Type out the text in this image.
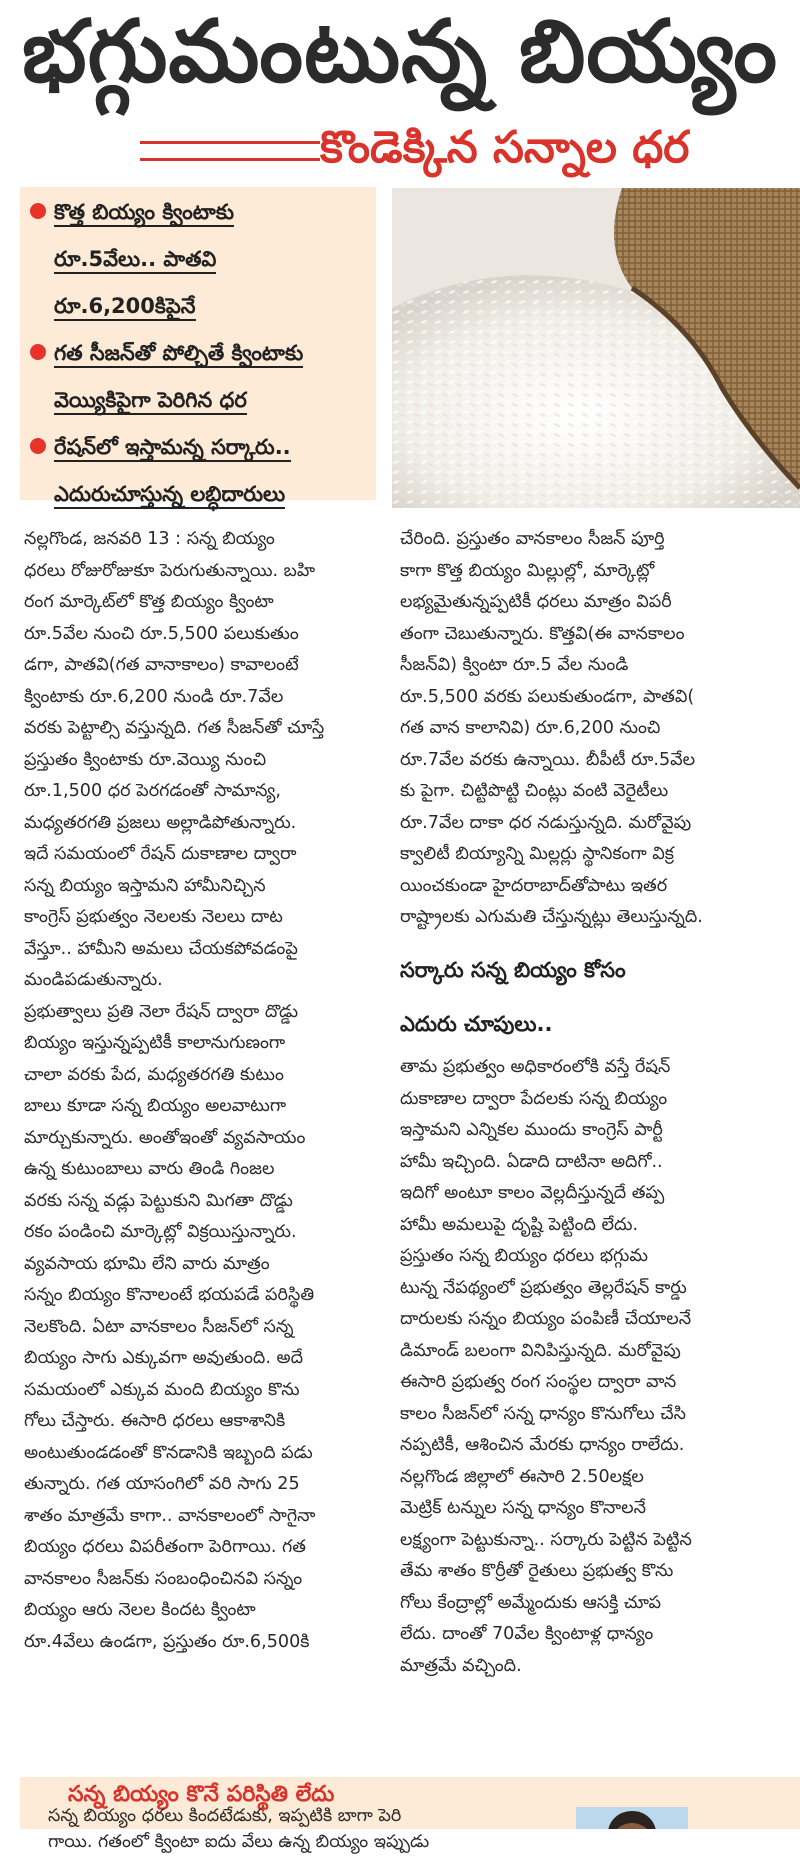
భగ్గుమంటున్న బియ్యం
కొండెక్కిన సన్నాల ధర
కొత్త బియ్యం క్వింటాకు
రూ.5వేలు.. పాతవి
రూ.6,200కిపైనే
గత సీజన్‌తో పోల్చితే క్వింటాకు
వెయ్యికిపైగా పెరిగిన ధర
రేషన్‌లో ఇస్తామన్న సర్కారు..
ఎదురుచూస్తున్న లబ్ధిదారులు
నల్లగొండ, జనవరి 13 : సన్న బియ్యం
ధరలు రోజురోజుకూ పెరుగుతున్నాయి. బహి
రంగ మార్కెట్‌లో కొత్త బియ్యం క్వింటా
రూ.5వేల నుంచి రూ.5,500 పలుకుతుం
డగా, పాతవి(గత వానాకాలం) కావాలంటే
క్వింటాకు రూ.6,200 నుండి రూ.7వేల
వరకు పెట్టాల్సి వస్తున్నది. గత సీజన్‌తో చూస్తే
ప్రస్తుతం క్వింటాకు రూ.వెయ్యి నుంచి
రూ.1,500 ధర పెరగడంతో సామాన్య,
మధ్యతరగతి ప్రజలు అల్లాడిపోతున్నారు.
ఇదే సమయంలో రేషన్ దుకాణాల ద్వారా
సన్న బియ్యం ఇస్తామని హామీనిచ్చిన
కాంగ్రెస్ ప్రభుత్వం నెలలకు నెలలు దాట
వేస్తూ.. హామీని అమలు చేయకపోవడంపై
మండిపడుతున్నారు.
ప్రభుత్వాలు ప్రతి నెలా రేషన్ ద్వారా దొడ్డు
బియ్యం ఇస్తున్నప్పటికీ కాలానుగుణంగా
చాలా వరకు పేద, మధ్యతరగతి కుటుం
బాలు కూడా సన్న బియ్యం అలవాటుగా
మార్చుకున్నారు. అంతోఇంతో వ్యవసాయం
ఉన్న కుటుంబాలు వారు తిండి గింజల
వరకు సన్న వడ్లు పెట్టుకుని మిగతా దొడ్డు
రకం పండించి మార్కెట్లో విక్రయిస్తున్నారు.
వ్యవసాయ భూమి లేని వారు మాత్రం
సన్నం బియ్యం కొనాలంటే భయపడే పరిస్థితి
నెలకొంది. ఏటా వానకాలం సీజన్‌లో సన్న
బియ్యం సాగు ఎక్కువగా అవుతుంది. అదే
సమయంలో ఎక్కువ మంది బియ్యం కొను
గోలు చేస్తారు. ఈసారి ధరలు ఆకాశానికి
అంటుతుండడంతో కొనడానికి ఇబ్బంది పడు
తున్నారు. గత యాసంగిలో వరి సాగు 25
శాతం మాత్రమే కాగా.. వానకాలంలో సాగైనా
బియ్యం ధరలు విపరీతంగా పెరిగాయి. గత
వానకాలం సీజన్‌కు సంబంధించినవి సన్నం
బియ్యం ఆరు నెలల కిందట క్వింటా
రూ.4వేలు ఉండగా, ప్రస్తుతం రూ.6,500కి
చేరింది. ప్రస్తుతం వానకాలం సీజన్ పూర్తి
కాగా కొత్త బియ్యం మిల్లుల్లో, మార్కెట్లో
లభ్యమైతున్నప్పటికీ ధరలు మాత్రం విపరీ
తంగా చెబుతున్నారు. కొత్తవి(ఈ వానకాలం
సీజన్‌వి) క్వింటా రూ.5 వేల నుండి
రూ.5,500 వరకు పలుకుతుండగా, పాతవి(
గత వాన కాలానివి) రూ.6,200 నుంచి
రూ.7వేల వరకు ఉన్నాయి. బీపీటీ రూ.5వేల
కు పైగా. చిట్టిపొట్టి చింట్లు వంటి వెరైటీలు
రూ.7వేల దాకా ధర నడుస్తున్నది. మరోవైపు
క్వాలిటీ బియ్యాన్ని మిల్లర్లు స్థానికంగా విక్ర
యించకుండా హైదరాబాద్‌తోపాటు ఇతర
రాష్ట్రాలకు ఎగుమతి చేస్తున్నట్లు తెలుస్తున్నది.
సర్కారు సన్న బియ్యం కోసం
ఎదురు చూపులు..
తామ ప్రభుత్వం అధికారంలోకి వస్తే రేషన్
దుకాణాల ద్వారా పేదలకు సన్న బియ్యం
ఇస్తామని ఎన్నికల ముందు కాంగ్రెస్ పార్టీ
హామీ ఇచ్చింది. ఏడాది దాటినా అదిగో..
ఇదిగో అంటూ కాలం వెల్లదీస్తున్నదే తప్ప
హామీ అమలుపై దృష్టి పెట్టింది లేదు.
ప్రస్తుతం సన్న బియ్యం ధరలు భగ్గుమ
టున్న నేపథ్యంలో ప్రభుత్వం తెల్లరేషన్ కార్డు
దారులకు సన్నం బియ్యం పంపిణీ చేయాలనే
డిమాండ్ బలంగా వినిపిస్తున్నది. మరోవైపు
ఈసారి ప్రభుత్వ రంగ సంస్థల ద్వారా వాన
కాలం సీజన్‌లో సన్న ధాన్యం కొనుగోలు చేసి
నప్పటికీ, ఆశించిన మేరకు ధాన్యం రాలేదు.
నల్లగొండ జిల్లాలో ఈసారి 2.50లక్షల
మెట్రిక్ టన్నుల సన్న ధాన్యం కొనాలనే
లక్ష్యంగా పెట్టుకున్నా.. సర్కారు పెట్టిన పెట్టిన
తేమ శాతం కొర్రీతో రైతులు ప్రభుత్వ కొను
గోలు కేంద్రాల్లో అమ్మేందుకు ఆసక్తి చూప
లేదు. దాంతో 70వేల క్వింటాళ్ల ధాన్యం
మాత్రమే వచ్చింది.
సన్న బియ్యం కొనే పరిస్థితి లేదు
సన్న బియ్యం ధరలు కిందటేడుకు, ఇప్పటికి బాగా పెరి
గాయి. గతంలో క్వింటా ఐదు వేలు ఉన్న బియ్యం ఇప్పుడు
